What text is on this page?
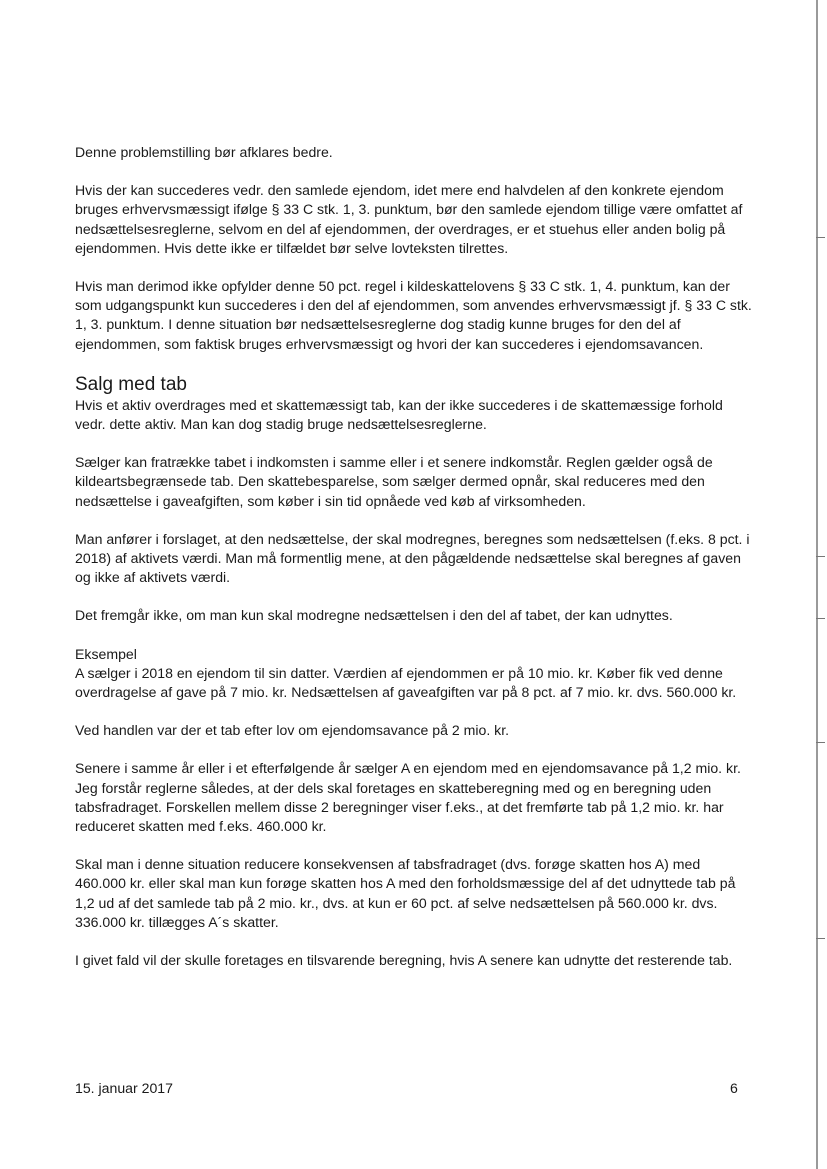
Denne problemstilling bør afklares bedre.

Hvis der kan succederes vedr. den samlede ejendom, idet mere end halvdelen af den konkrete ejendom bruges erhvervsmæssigt ifølge § 33 C stk. 1, 3. punktum, bør den samlede ejendom tillige være omfattet af nedsættelsesreglerne, selvom en del af ejendommen, der overdrages, er et stuehus eller anden bolig på ejendommen. Hvis dette ikke er tilfældet bør selve lovteksten tilrettes.

Hvis man derimod ikke opfylder denne 50 pct. regel i kildeskattelovens § 33 C stk. 1, 4. punktum, kan der som udgangspunkt kun succederes i den del af ejendommen, som anvendes erhvervsmæssigt jf. § 33 C stk. 1, 3. punktum. I denne situation bør nedsættelsesreglerne dog stadig kunne bruges for den del af ejendommen, som faktisk bruges erhvervsmæssigt og hvori der kan succederes i ejendomsavancen.

Salg med tab

Hvis et aktiv overdrages med et skattemæssigt tab, kan der ikke succederes i de skattemæssige forhold vedr. dette aktiv. Man kan dog stadig bruge nedsættelsesreglerne.

Sælger kan fratrække tabet i indkomsten i samme eller i et senere indkomstår. Reglen gælder også de kildeartsbegrænsede tab. Den skattebesparelse, som sælger dermed opnår, skal reduceres med den nedsættelse i gaveafgiften, som køber i sin tid opnåede ved køb af virksomheden.

Man anfører i forslaget, at den nedsættelse, der skal modregnes, beregnes som nedsættelsen (f.eks. 8 pct. i 2018) af aktivets værdi. Man må formentlig mene, at den pågældende nedsættelse skal beregnes af gaven og ikke af aktivets værdi.

Det fremgår ikke, om man kun skal modregne nedsættelsen i den del af tabet, der kan udnyttes.

Eksempel

A sælger i 2018 en ejendom til sin datter. Værdien af ejendommen er på 10 mio. kr. Køber fik ved denne overdragelse af gave på 7 mio. kr. Nedsættelsen af gaveafgiften var på 8 pct. af 7 mio. kr. dvs. 560.000 kr.

Ved handlen var der et tab efter lov om ejendomsavance på 2 mio. kr.

Senere i samme år eller i et efterfølgende år sælger A en ejendom med en ejendomsavance på 1,2 mio. kr. Jeg forstår reglerne således, at der dels skal foretages en skatteberegning med og en beregning uden tabsfradraget. Forskellen mellem disse 2 beregninger viser f.eks., at det fremførte tab på 1,2 mio. kr. har reduceret skatten med f.eks. 460.000 kr.

Skal man i denne situation reducere konsekvensen af tabsfradraget (dvs. forøge skatten hos A) med 460.000 kr. eller skal man kun forøge skatten hos A med den forholdsmæssige del af det udnyttede tab på 1,2 ud af det samlede tab på 2 mio. kr., dvs. at kun er 60 pct. af selve nedsættelsen på 560.000 kr. dvs. 336.000 kr. tillægges A´s skatter.

I givet fald vil der skulle foretages en tilsvarende beregning, hvis A senere kan udnytte det resterende tab.

15. januar 2017	6
